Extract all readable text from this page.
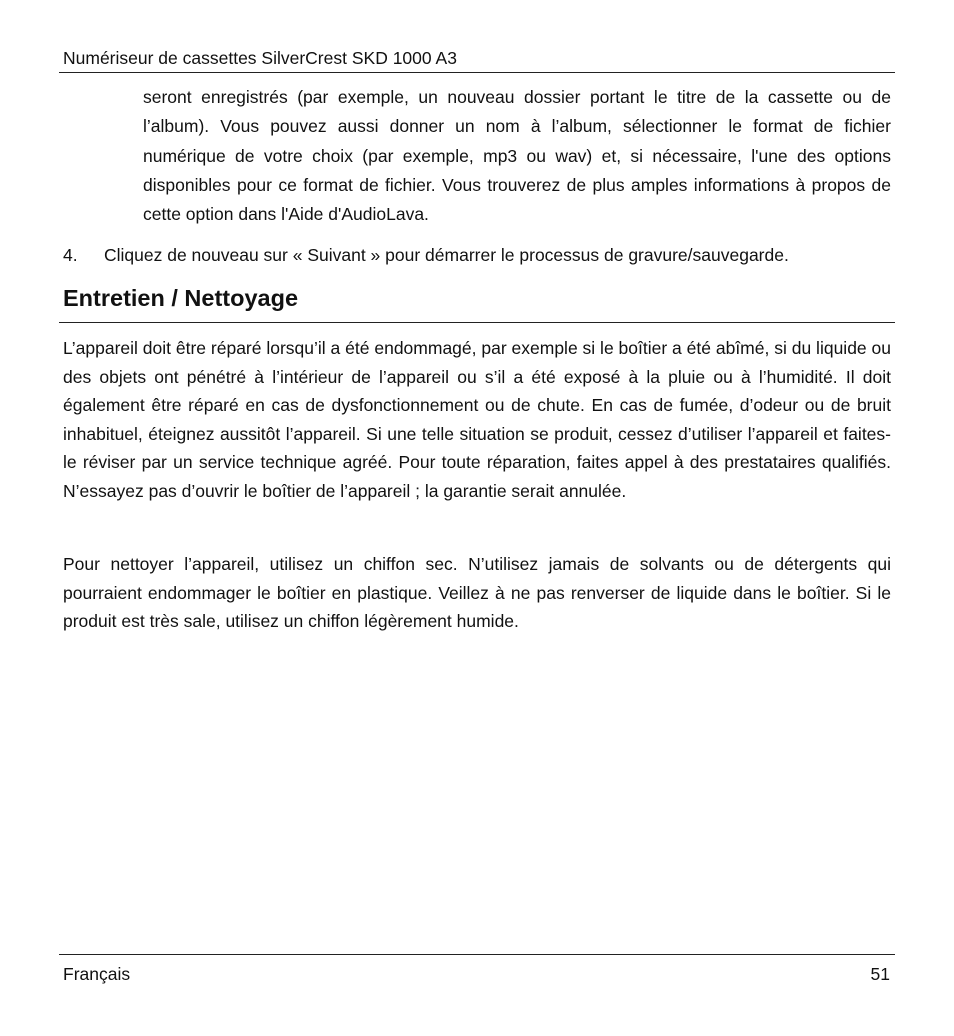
Numériseur de cassettes SilverCrest SKD 1000 A3

seront enregistrés (par exemple, un nouveau dossier portant le titre de la cassette ou de l’album). Vous pouvez aussi donner un nom à l’album, sélectionner le format de fichier numérique de votre choix (par exemple, mp3 ou wav) et, si nécessaire, l'une des options disponibles pour ce format de fichier. Vous trouverez de plus amples informations à propos de cette option dans l'Aide d'AudioLava.

4. Cliquez de nouveau sur « Suivant » pour démarrer le processus de gravure/sauvegarde.
Entretien / Nettoyage

L’appareil doit être réparé lorsqu’il a été endommagé, par exemple si le boîtier a été abîmé, si du liquide ou des objets ont pénétré à l’intérieur de l’appareil ou s’il a été exposé à la pluie ou à l’humidité. Il doit également être réparé en cas de dysfonctionnement ou de chute. En cas de fumée, d’odeur ou de bruit inhabituel, éteignez aussitôt l’appareil. Si une telle situation se produit, cessez d’utiliser l’appareil et faites-le réviser par un service technique agréé. Pour toute réparation, faites appel à des prestataires qualifiés. N’essayez pas d’ouvrir le boîtier de l’appareil ; la garantie serait annulée.

Pour nettoyer l’appareil, utilisez un chiffon sec. N’utilisez jamais de solvants ou de détergents qui pourraient endommager le boîtier en plastique. Veillez à ne pas renverser de liquide dans le boîtier. Si le produit est très sale, utilisez un chiffon légèrement humide.

Français	51
